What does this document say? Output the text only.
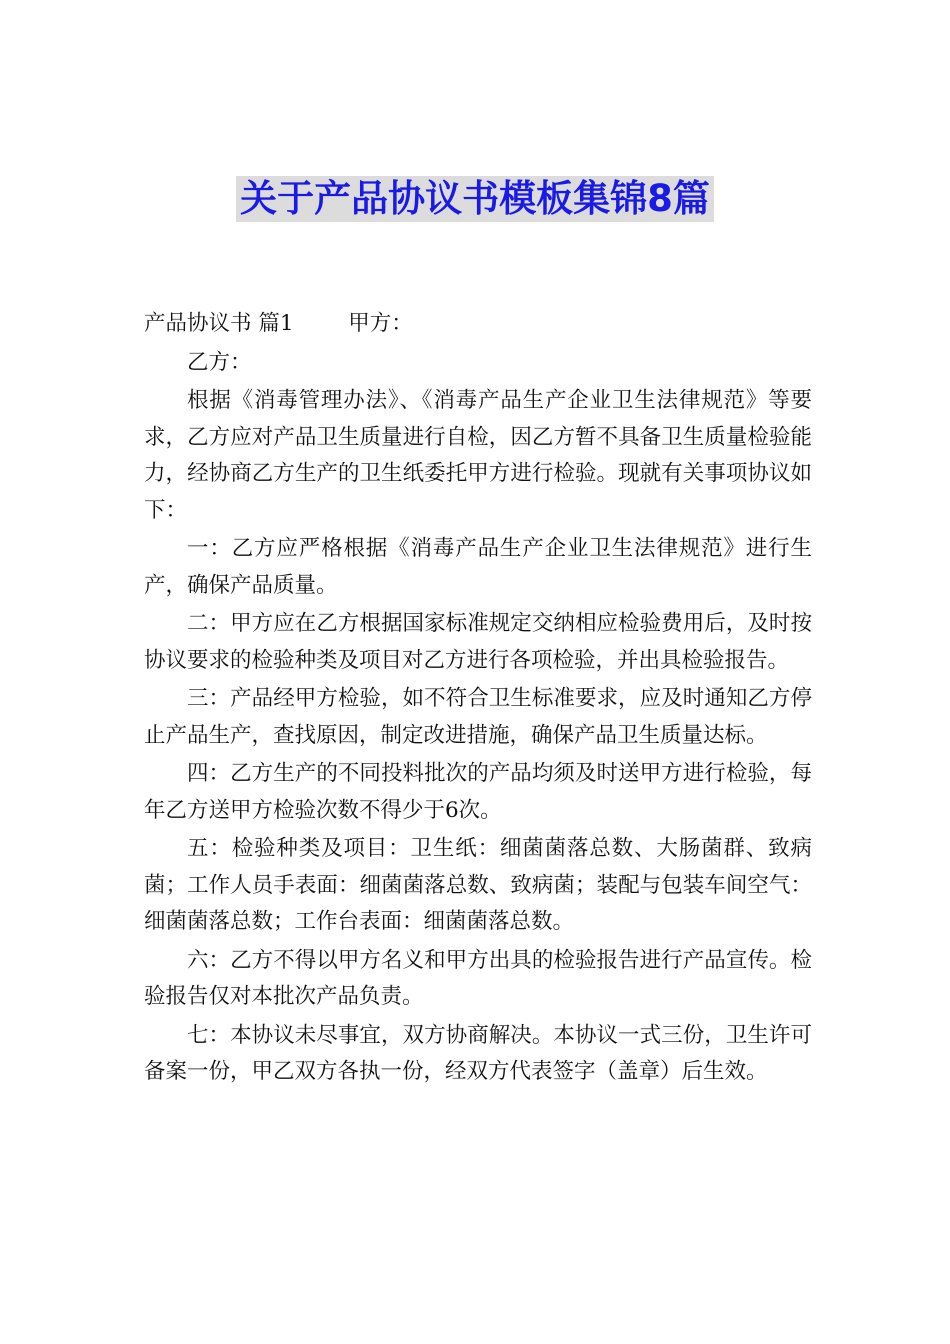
关于产品协议书模板集锦8篇

产品协议书 篇1        甲方：

乙方：

根据《消毒管理办法》、《消毒产品生产企业卫生法律规范》等要求，乙方应对产品卫生质量进行自检，因乙方暂不具备卫生质量检验能力，经协商乙方生产的卫生纸委托甲方进行检验。现就有关事项协议如下：

一：乙方应严格根据《消毒产品生产企业卫生法律规范》进行生产，确保产品质量。

二：甲方应在乙方根据国家标准规定交纳相应检验费用后，及时按协议要求的检验种类及项目对乙方进行各项检验，并出具检验报告。

三：产品经甲方检验，如不符合卫生标准要求，应及时通知乙方停止产品生产，查找原因，制定改进措施，确保产品卫生质量达标。

四：乙方生产的不同投料批次的产品均须及时送甲方进行检验，每年乙方送甲方检验次数不得少于6次。

五：检验种类及项目：卫生纸：细菌菌落总数、大肠菌群、致病菌；工作人员手表面：细菌菌落总数、致病菌；装配与包装车间空气：细菌菌落总数；工作台表面：细菌菌落总数。

六：乙方不得以甲方名义和甲方出具的检验报告进行产品宣传。检验报告仅对本批次产品负责。

七：本协议未尽事宜，双方协商解决。本协议一式三份，卫生许可备案一份，甲乙双方各执一份，经双方代表签字（盖章）后生效。
